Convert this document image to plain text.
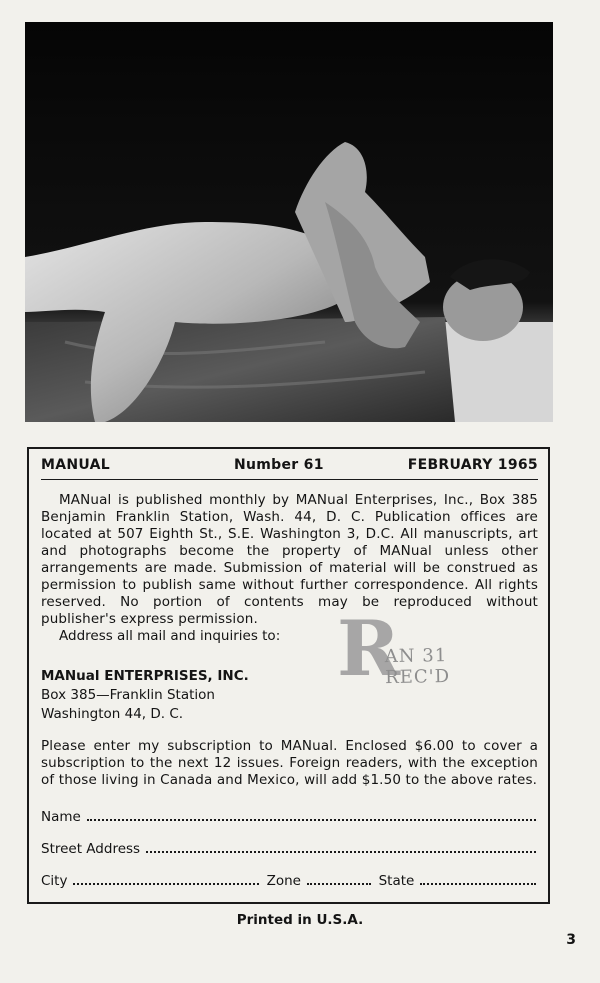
MANUAL	Number 61	FEBRUARY 1965

MANual is published monthly by MANual Enterprises, Inc., Box 385 Benjamin Franklin Station, Wash. 44, D. C. Publication offices are located at 507 Eighth St., S.E. Washington 3, D.C. All manuscripts, art and photographs become the property of MANual unless other arrangements are made. Submission of material will be construed as permission to publish same without further correspondence. All rights reserved. No portion of contents may be reproduced without publisher's express permission.

Address all mail and inquiries to: R
AN 31 REC'D
MANual ENTERPRISES, INC.
Box 385—Franklin Station
Washington 44, D. C.
Please enter my subscription to MANual. Enclosed $6.00 to cover a subscription to the next 12 issues. Foreign readers, with the exception of those living in Canada and Mexico, will add $1.50 to the above rates.
Name
Street Address
City	Zone	State
Printed in U.S.A.
3
